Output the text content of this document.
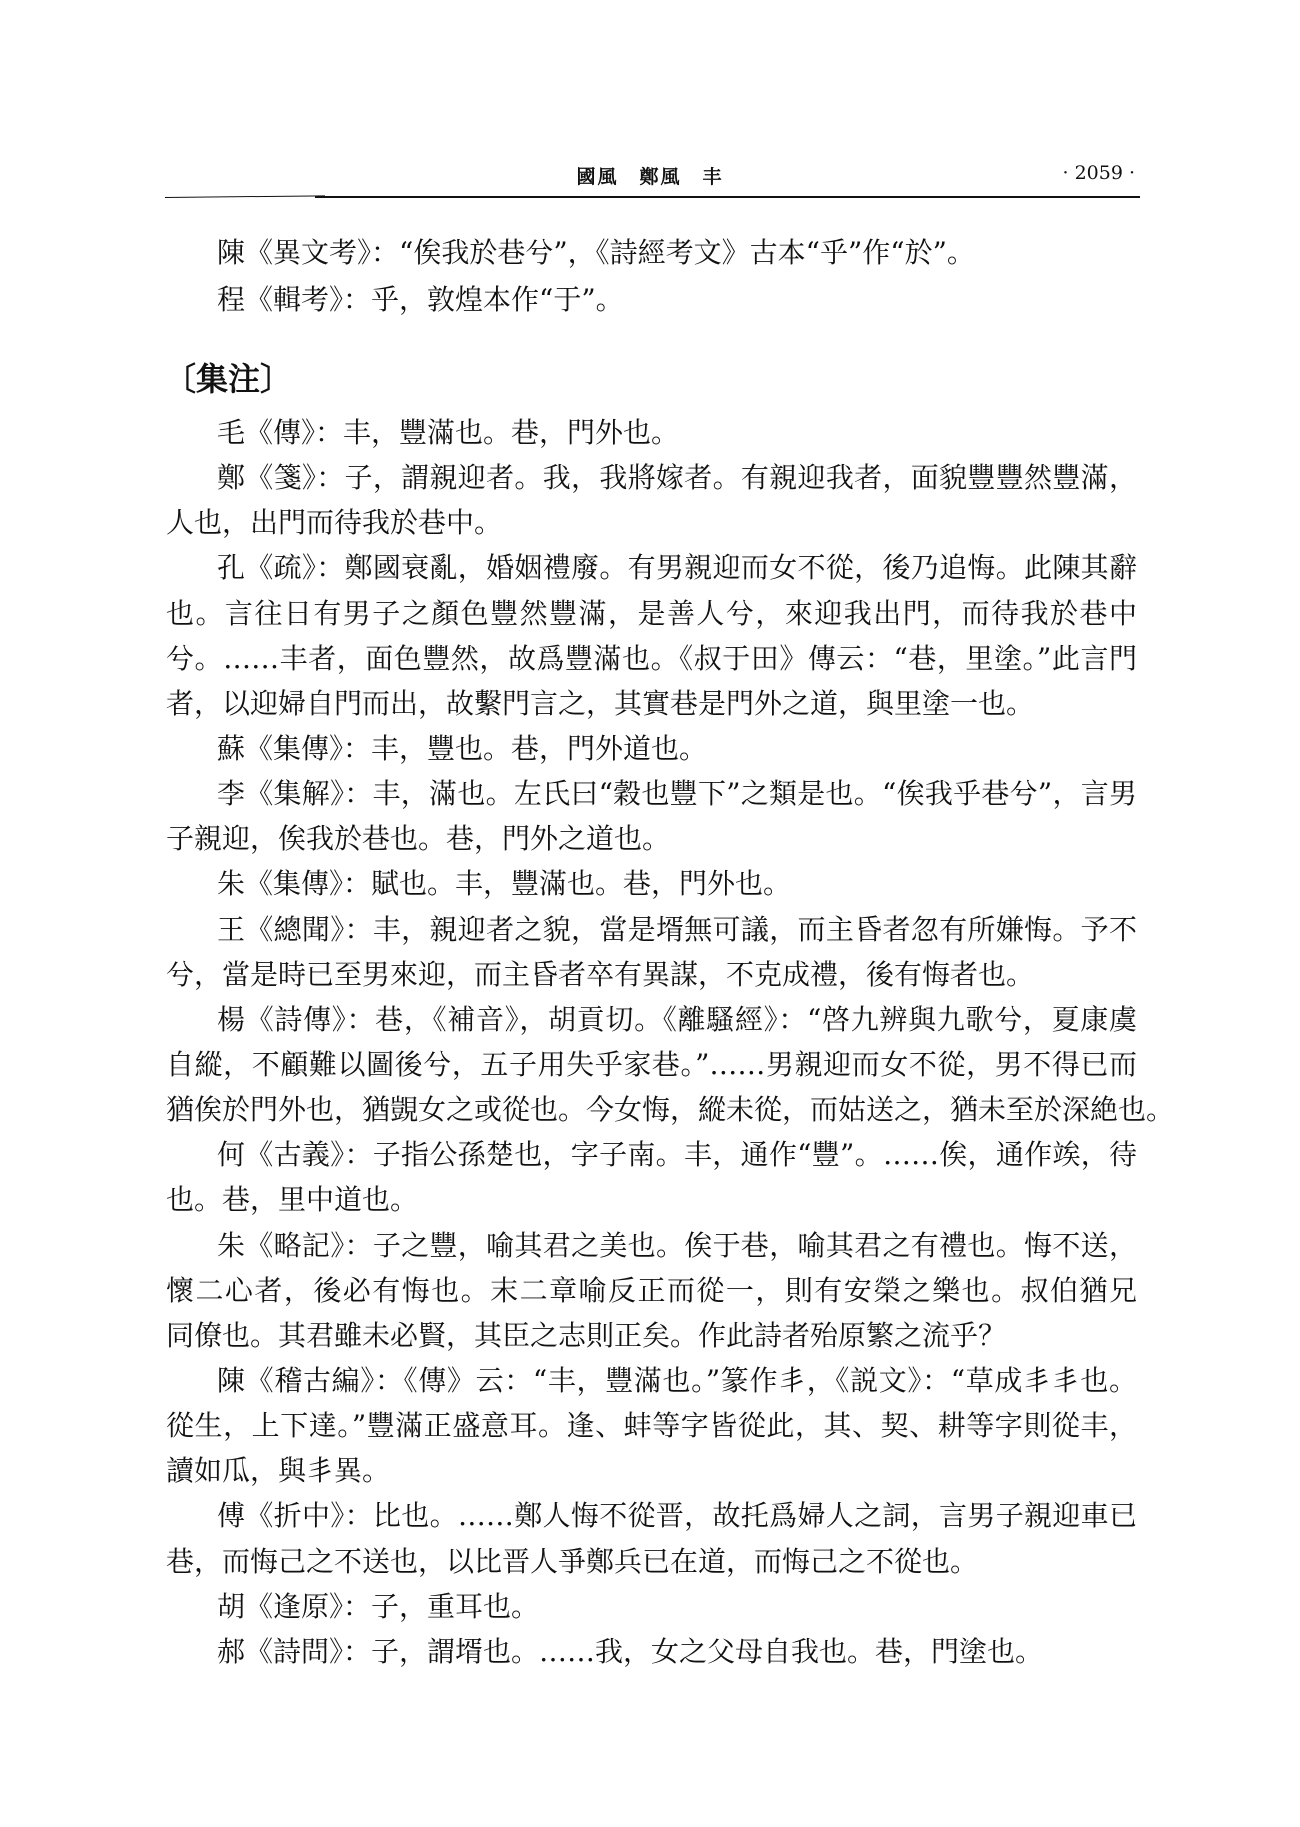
國風　鄭風　丰	· 2059 ·
陳《異文考》：“俟我於巷兮”，《詩經考文》古本“乎”作“於”。
程《輯考》：乎，敦煌本作“于”。
〔集注〕
毛《傳》：丰，豐滿也。巷，門外也。
鄭《箋》：子，謂親迎者。我，我將嫁者。有親迎我者，面貌豐豐然豐滿，
人也，出門而待我於巷中。
孔《疏》：鄭國衰亂，婚姻禮廢。有男親迎而女不從，後乃追悔。此陳其辭
也。言往日有男子之顏色豐然豐滿，是善人兮，來迎我出門，而待我於巷中
兮。……丰者，面色豐然，故爲豐滿也。《叔于田》傳云：“巷，里塗。”此言門
者，以迎婦自門而出，故繫門言之，其實巷是門外之道，與里塗一也。
蘇《集傳》：丰，豐也。巷，門外道也。
李《集解》：丰，滿也。左氏曰“穀也豐下”之類是也。“俟我乎巷兮”，言男
子親迎，俟我於巷也。巷，門外之道也。
朱《集傳》：賦也。丰，豐滿也。巷，門外也。
王《總聞》：丰，親迎者之貌，當是壻無可議，而主昏者忽有所嫌悔。予不
兮，當是時已至男來迎，而主昏者卒有異謀，不克成禮，後有悔者也。
楊《詩傳》：巷，《補音》，胡貢切。《離騷經》：“啓九辨與九歌兮，夏康虞
自縱，不顧難以圖後兮，五子用失乎家巷。”……男親迎而女不從，男不得已而
猶俟於門外也，猶覬女之或從也。今女悔，縱未從，而姑送之，猶未至於深絶也。
何《古義》：子指公孫楚也，字子南。丰，通作“豐”。……俟，通作竢，待
也。巷，里中道也。
朱《略記》：子之豐，喻其君之美也。俟于巷，喻其君之有禮也。悔不送，
懷二心者，後必有悔也。末二章喻反正而從一，則有安榮之樂也。叔伯猶兄
同僚也。其君雖未必賢，其臣之志則正矣。作此詩者殆原繁之流乎？
陳《稽古編》：《傳》云：“丰，豐滿也。”篆作丯，《説文》：“草成丯丯也。
從生，上下達。”豐滿正盛意耳。逢、蚌等字皆從此，其、契、耕等字則從丰，
讀如瓜，與丯異。
傅《折中》：比也。……鄭人悔不從晋，故托爲婦人之詞，言男子親迎車已
巷，而悔己之不送也，以比晋人爭鄭兵已在道，而悔己之不從也。
胡《逢原》：子，重耳也。
郝《詩問》：子，謂壻也。……我，女之父母自我也。巷，門塗也。
